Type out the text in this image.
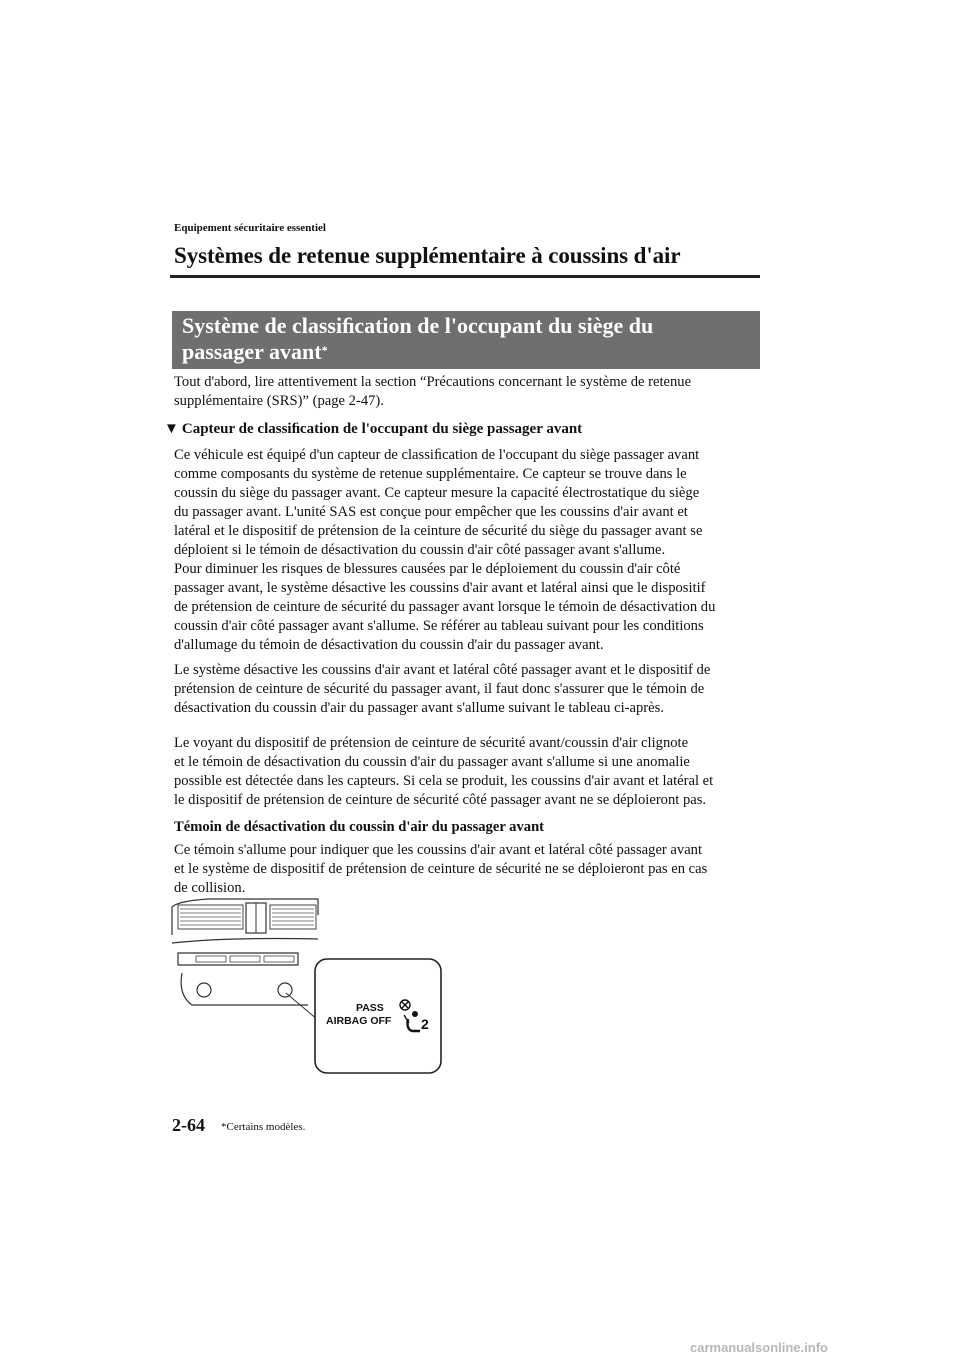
Equipement sécuritaire essentiel
Systèmes de retenue supplémentaire à coussins d'air
Système de classiﬁcation de l'occupant du siège du
passager avant*
Tout d'abord, lire attentivement la section “Précautions concernant le système de retenue
supplémentaire (SRS)” (page 2-47).
▼ Capteur de classiﬁcation de l'occupant du siège passager avant
Ce véhicule est équipé d'un capteur de classiﬁcation de l'occupant du siège passager avant
comme composants du système de retenue supplémentaire. Ce capteur se trouve dans le
coussin du siège du passager avant. Ce capteur mesure la capacité électrostatique du siège
du passager avant. L'unité SAS est conçue pour empêcher que les coussins d'air avant et
latéral et le dispositif de prétension de la ceinture de sécurité du siège du passager avant se
déploient si le témoin de désactivation du coussin d'air côté passager avant s'allume.
Pour diminuer les risques de blessures causées par le déploiement du coussin d'air côté
passager avant, le système désactive les coussins d'air avant et latéral ainsi que le dispositif
de prétension de ceinture de sécurité du passager avant lorsque le témoin de désactivation du
coussin d'air côté passager avant s'allume. Se référer au tableau suivant pour les conditions
d'allumage du témoin de désactivation du coussin d'air du passager avant.
Le système désactive les coussins d'air avant et latéral côté passager avant et le dispositif de
prétension de ceinture de sécurité du passager avant, il faut donc s'assurer que le témoin de
désactivation du coussin d'air du passager avant s'allume suivant le tableau ci-après.
Le voyant du dispositif de prétension de ceinture de sécurité avant/coussin d'air clignote
et le témoin de désactivation du coussin d'air du passager avant s'allume si une anomalie
possible est détectée dans les capteurs. Si cela se produit, les coussins d'air avant et latéral et
le dispositif de prétension de ceinture de sécurité côté passager avant ne se déploieront pas.
Témoin de désactivation du coussin d'air du passager avant
Ce témoin s'allume pour indiquer que les coussins d'air avant et latéral côté passager avant
et le système de dispositif de prétension de ceinture de sécurité ne se déploieront pas en cas
de collision.
PASS
AIRBAG OFF 2
2-64 *Certains modèles.
carmanualsonline.info
